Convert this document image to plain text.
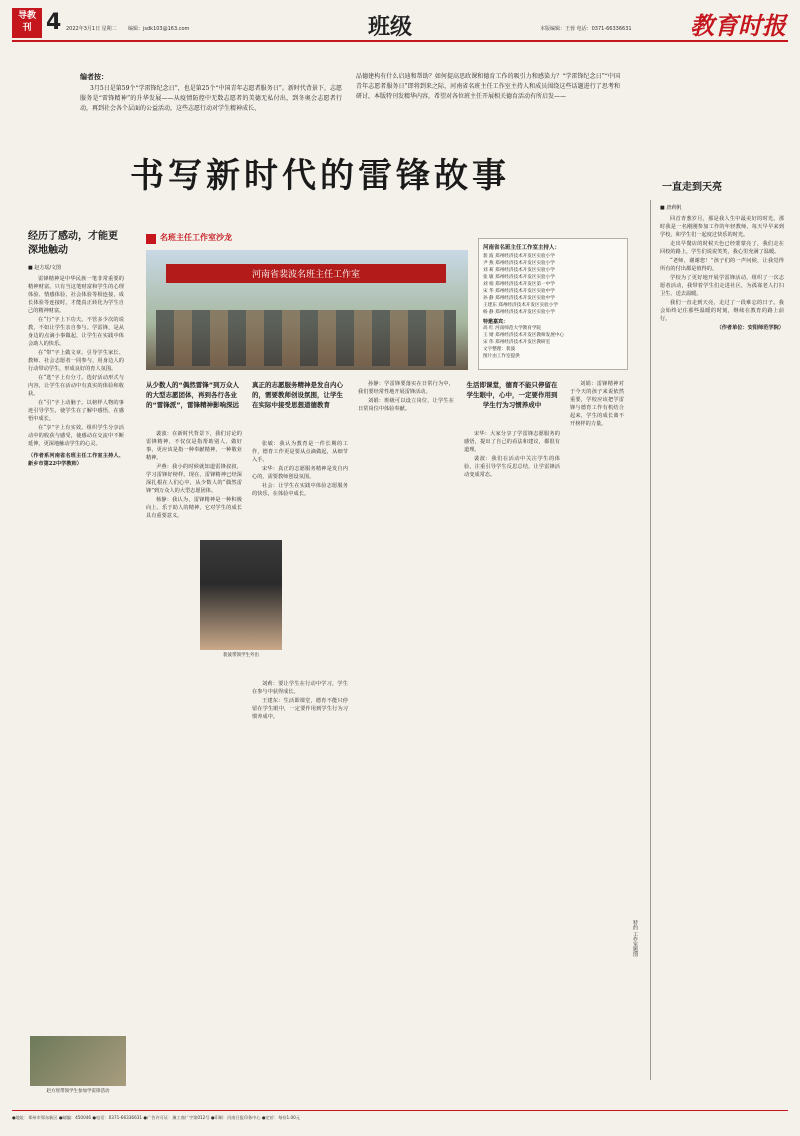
导教
刊 4 2022年3月1日 星期二 编辑：jsdk103@163.com	班级	本版编辑：王蓉 电话：0371-66336631 教育时报
编者按：

3月5日是第59个“学雷锋纪念日”，也是第25个“中国青年志愿者服务日”。新时代背景下，志愿服务是“雷锋精神”的升华发展——从疫情防控中无数志愿者的美德无私付出，到冬奥会志愿者行动，再到社会各个层面的公益活动，这些志愿行动对学生精神成长、

品德建构有什么启迪和帮助？如何提高思政课和德育工作的吸引力和感染力？“学雷锋纪念日”“中国青年志愿者服务日”即将到来之际，河南省名班主任工作室主持人和成员围绕这些话题进行了思考和研讨，本版特刊发精华内容，希望对各位班主任开展相关德育活动有所启发——

书写新时代的雷锋故事	一直走到天亮
经历了感动，才能更深地触动
■ 赵方瑶/文图

雷锋精神是中华民族一笔非常重要的精神财富。只有当这笔财富和学生的心理体验、情感体验、社会体验等相连接，成长体验等连接时，才能真正转化为学生自己的精神财富。

在“行”字上下功夫。不管多少次的说教，不如让学生亲自参与。学雷锋，是从身边的点滴小事做起，让学生在实践中体会助人的快乐。

在“带”字上做文章。引导学生家长、教师、社会志愿者一同参与，用身边人的行动带动学生，形成良好的育人氛围。

在“选”字上有分寸。选好活动形式与内容，让学生在活动中有真实的体验和收获。

在“引”字上动脑子。以榜样人物的事迹引导学生，使学生在了解中感悟，在感悟中成长。

在“享”字上有实效。组织学生分享活动中的收获与感受，使感动在交流中不断延伸，更深地触动学生的心灵。

（作者系河南省名班主任工作室主持人、新乡市第22中学教师）

赵方瑶带领学生参加学雷锋活动
名班主任工作室沙龙
河南省裴波名班主任工作室
河南省名班主任工作室主持人：
裴 波 郑州经济技术开发区实验小学
尹 燕 郑州经济技术开发区实验小学
刘 莉 郑州经济技术开发区实验小学
张 敏 郑州经济技术开发区实验小学
刘 娟 郑州经济技术开发区第一中学
宋 华 郑州经济技术开发区实验中学
孙 静 郑州经济技术开发区实验中学
王建东 郑州经济技术开发区实验小学
杨 静 郑州经济技术开发区实验小学
特邀嘉宾：
高 红 河南师范大学教育学院
王 婧 郑州经济技术开发区教师发展中心
宋 伟 郑州经济技术开发区教研室
文字整理：裴波
图片由工作室提供
从少数人的“偶然雷锋”到万众人的大型志愿团体，再到各行各业的“雷锋派”，雷锋精神影响深远

裴波：在新时代背景下，我们讨论的雷锋精神，不仅仅是指帮助别人、做好事，更应该是指一种奉献精神，一种敬业精神。

尹燕：我小的时候就知道雷锋叔叔，学习雷锋好榜样。现在，雷锋精神已经深深扎根在人们心中，从少数人的“偶然雷锋”到万众人的大型志愿团体。

杨静：我认为，雷锋精神是一种积极向上、乐于助人的精神，它对学生的成长具有重要意义。

真正的志愿服务精神是发自内心的，需要教师创设氛围，让学生在实际中接受思想道德教育

张敏：我认为教育是一件长期的工作，德育工作更是要从点滴做起，从细节入手。

宋华：真正的志愿服务精神是发自内心的，需要教师创设氛围。

社会：让学生在实践中体验志愿服务的快乐，在体验中成长。

裴波带领学生外出

刘莉：要让学生在行动中学习，学生在参与中获得成长。

王建东：生活即课堂，德育不能只停留在学生眼中，一定要作用到学生行为习惯养成中。

孙静：学雷锋要落实在日常行为中，我们要经常性地开展雷锋活动。

刘娟：班级可以设立岗位，让学生在日常岗位中体验奉献。

生活即课堂，德育不能只停留在学生眼中，心中，一定要作用到学生行为习惯养成中

宋华：大家分享了学雷锋志愿服务的感悟，提出了自己的看法和建议，都很有道理。

裴波：我们在活动中关注学生的体验，注重引导学生反思总结，让学雷锋活动变成常态。

刘娟：雷锋精神对于今天的孩子来说依然重要，学校应该把学雷锋与德育工作有机结合起来，学生的成长离不开榜样的力量。

特约 工作室题图
■ 唐莉帆

回首青葱岁月，那是我人生中最美好的时光。那时我是一名刚刚参加工作的年轻教师，每天早早来到学校，和学生们一起度过快乐的时光。

走出早餐店的时候天色已经蒙蒙亮了，我们走在回校的路上，学生们说说笑笑，我心里充满了温暖。

“老师，谢谢您！”孩子们的一声问候，让我觉得所有的付出都是值得的。

学校为了更好地开展学雷锋活动，组织了一次志愿者活动，我带着学生们走进社区，为孤寡老人打扫卫生、送去温暖。

我们一直走到天亮，走过了一段难忘的日子。我会始终记住那些温暖的时刻，继续在教育的路上前行。

（作者单位：安阳师范学院）

●地址：郑州市郑东新区 ●邮编：450046 ●电话：0371-66336631 ●广告许可证：豫工商广字第012号 ●印刷：河南日报印务中心 ●定价：每份1.00元
